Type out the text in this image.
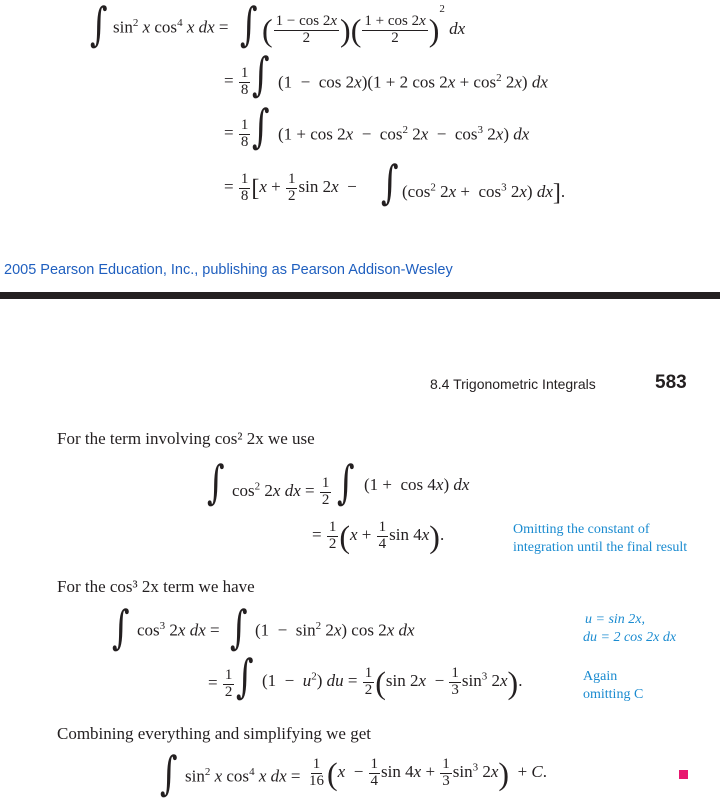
∫ $\sin^2 x$ $\cos^4 x$ dx = ∫ ( $\frac{1 - \cos 2x}{2}$ )( $\frac{1 + \cos 2x}{2} )^2$ dx
= $\frac{1}{8}$ ∫ (1  −  cos 2x)(1 + 2 $\cos 2x + \cos^2 2x$) dx
= $\frac{1}{8}$ ∫ $(1 + \cos 2x - \cos^2 2x - \cos^3 2x)$ dx
= $\frac{1}{8} [x + \frac{1}{2}$ sin 2x  − ∫ ($\cos^2$ $2x + \cos^3 2x$) dx].
2005 Pearson Education, Inc., publishing as Pearson Addison-Wesley
8.4 Trigonometric Integrals	583
For the term involving cos² 2x we use
∫ $\cos^2 2x$ dx = $\frac{1}{2}$ ∫ (1 +  cos 4x) dx
= $\frac{1}{2} (x + \frac{1}{4}$ sin 4x).	Omitting the constant of
integration until the final result
For the cos³ 2x term we have
∫ $\cos^3 2x$ dx = ∫ $(1 - \sin^2 2x)$ cos 2x dx
u = sin 2x,
du = 2 cos 2x dx
= $\frac{1}{2}$ ∫ $(1 - u^2)$ du = $\frac{1}{2} (\sin$ $2x - \frac{1}{3} \sin^3 2x$).	Again
omitting C
Combining everything and simplifying we get
∫ $\sin^2 x$ $\cos^4 x$ dx = $\frac{1}{16} (x - \frac{1}{4}$ $\sin 4x + \frac{1}{3} \sin^3 2x) + C$.
